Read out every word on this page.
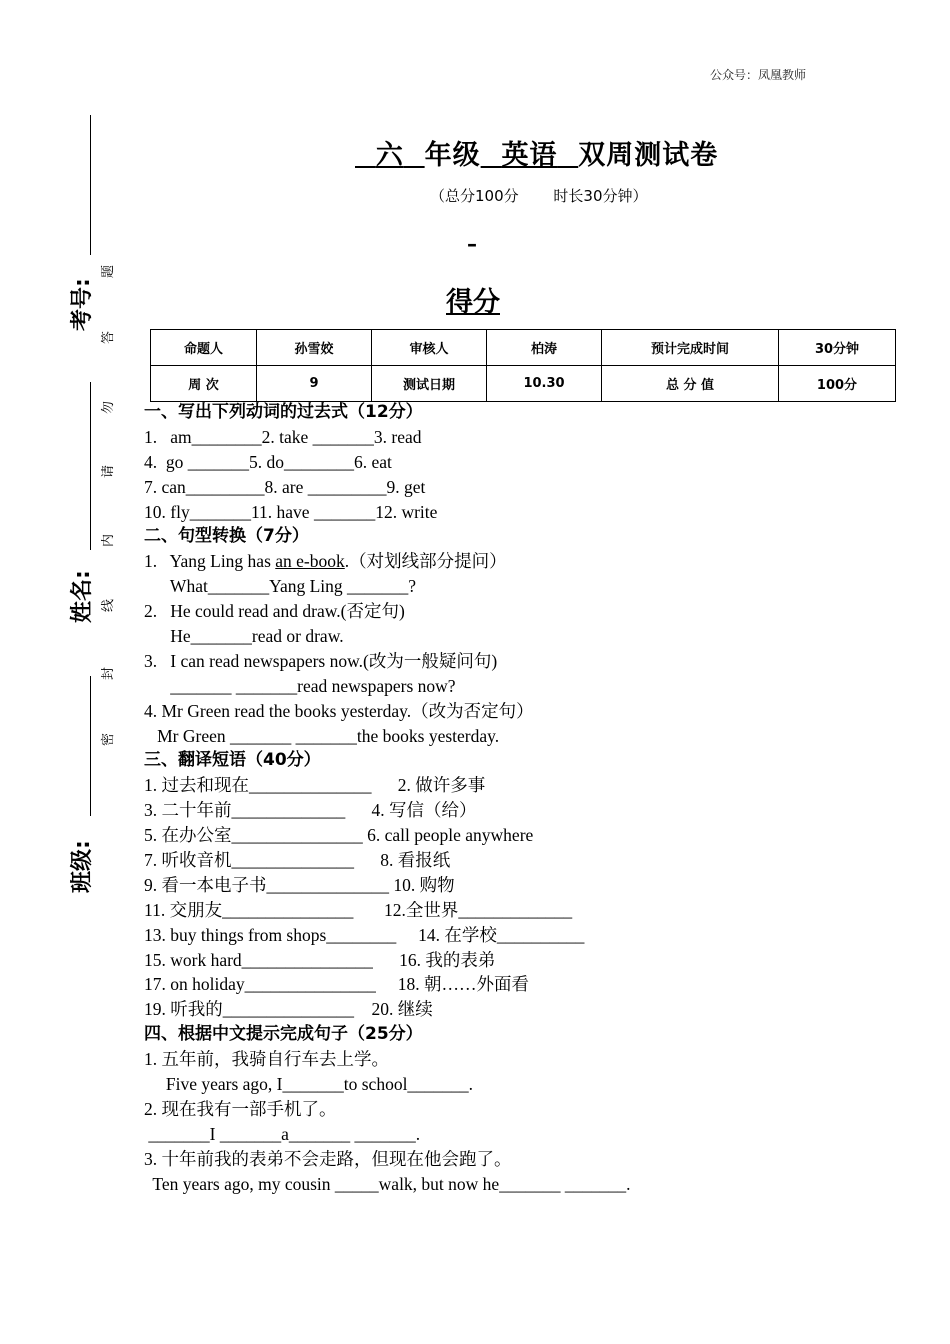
公众号：凤凰教师
六 年级 英语 双周测试卷
（总分100分　　 时长30分钟）
–
得分
命题人	孙雪姣	审核人	柏涛	预计完成时间	30分钟
周 次	9	测试日期	10.30	总 分 值	100分
考号:
姓名:
班级:
题
答
勿
请
内
线
封
密
一、写出下列动词的过去式（12分）
1.   am________2. take _______3. read
4.  go _______5. do________6. eat
7. can_________8. are _________9. get
10. fly_______11. have _______12. write
二、句型转换（7分）
1.   Yang Ling has an e-book.（对划线部分提问）
What_______Yang Ling _______?
2.   He could read and draw.(否定句)
He_______read or draw.
3.   I can read newspapers now.(改为一般疑问句)
_______ _______read newspapers now?
4. Mr Green read the books yesterday.（改为否定句）
Mr Green _______ _______the books yesterday.
三、翻译短语（40分）
1. 过去和现在______________      2. 做许多事
3. 二十年前_____________      4. 写信（给）
5. 在办公室_______________ 6. call people anywhere
7. 听收音机______________      8. 看报纸
9. 看一本电子书______________ 10. 购物
11. 交朋友_______________       12.全世界_____________
13. buy things from shops________     14. 在学校__________
15. work hard_______________      16. 我的表弟
17. on holiday_______________     18. 朝……外面看
19. 听我的_______________    20. 继续
四、根据中文提示完成句子（25分）
1. 五年前，我骑自行车去上学。
Five years ago, I_______to school_______.
2. 现在我有一部手机了。
_______I _______a_______ _______.
3. 十年前我的表弟不会走路，但现在他会跑了。
Ten years ago, my cousin _____walk, but now he_______ _______.
